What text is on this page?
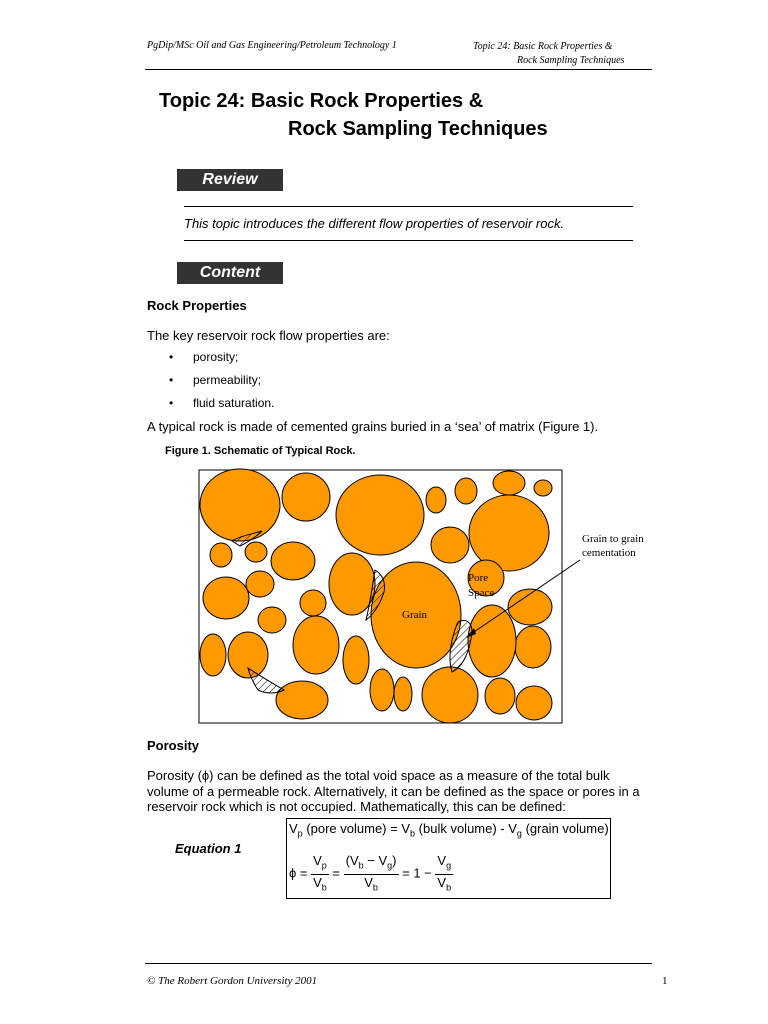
PgDip/MSc Oil and Gas Engineering/Petroleum Technology 1	Topic 24: Basic Rock Properties &
Rock Sampling Techniques
Topic 24: Basic Rock Properties &
Rock Sampling Techniques
Review
This topic introduces the different flow properties of reservoir rock.
Content
Rock Properties
The key reservoir rock flow properties are:
• porosity;
• permeability;
• fluid saturation.
A typical rock is made of cemented grains buried in a ‘sea’ of matrix (Figure 1).
Figure 1. Schematic of Typical Rock.
Grain
Pore
Space
Grain to grain
cementation
Porosity
Porosity (ϕ) can be defined as the total void space as a measure of the total bulk
volume of a permeable rock. Alternatively, it can be defined as the space or pores in a
reservoir rock which is not occupied. Mathematically, this can be defined:
Equation 1
$V_p$ (pore volume) = $V_b$ (bulk volume) - $V_g$ (grain volume)
$\phi = \frac{V_p}{V_b} = \frac{(V_b - V_g)}{V_b} = 1 - \frac{V_g}{V_b}$
© The Robert Gordon University 2001	1
